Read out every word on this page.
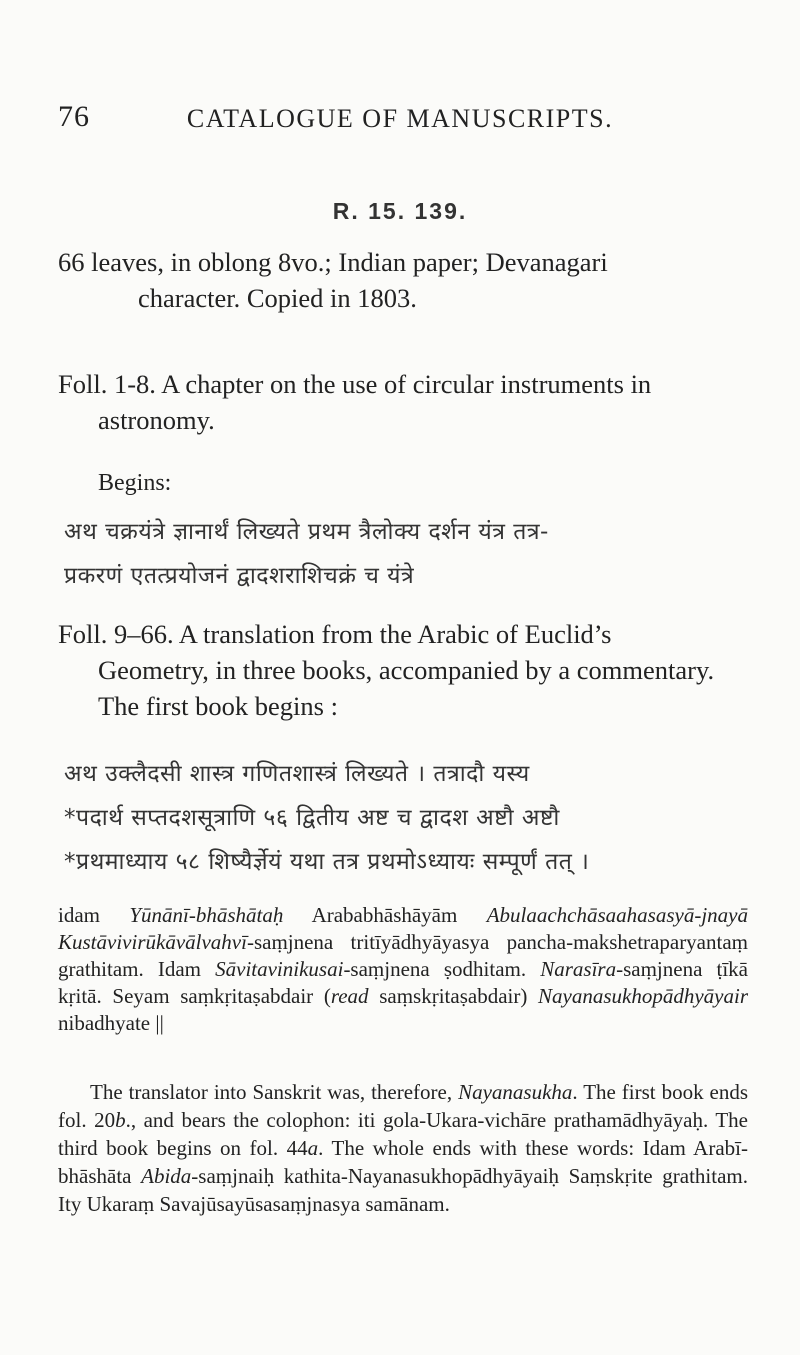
76	CATALOGUE OF MANUSCRIPTS.
R. 15. 139.
66 leaves, in oblong 8vo.; Indian paper; Devanagari
character. Copied in 1803.
Foll. 1-8. A chapter on the use of circular instruments in
astronomy.
Begins:
अथ चक्रयंत्रे ज्ञानार्थं लिख्यते प्रथम त्रैलोक्य दर्शन यंत्र तत्र-
प्रकरणं एतत्प्रयोजनं द्वादशराशिचक्रं च यंत्रे
Foll. 9–66. A translation from the Arabic of Euclid’s
Geometry, in three books, accompanied by a commentary.
The first book begins :
अथ उक्लैदसी शास्त्र गणितशास्त्रं लिख्यते । तत्रादौ यस्य
*पदार्थ सप्तदशसूत्राणि ५६ द्वितीय अष्ट च द्वादश अष्टौ अष्टौ
*प्रथमाध्याय ५८ शिष्यैर्ज्ञेयं यथा तत्र प्रथमोऽध्यायः सम्पूर्णं तत् ।
idam Yūnānī-bhāshātaḥ Arababhāshāyām Abulaachchāsaahasasyā-jnayā Kustāvivirūkāvālvahvī-saṃjnena tritīyādhyāyasya pancha-makshetraparyantaṃ grathitam. Idam Sāvitavinikusai-saṃjnena ṣodhitam. Narasīra-saṃjnena ṭīkā kṛitā. Seyam saṃkṛitaṣabdair (read saṃskṛitaṣabdair) Nayanasukhopādhyāyair nibadhyate ||
The translator into Sanskrit was, therefore, Nayanasukha. The first book ends fol. 20b., and bears the colophon: iti gola-Ukara-vichāre prathamādhyāyaḥ. The third book begins on fol. 44a. The whole ends with these words: Idam Arabī-bhāshāta Abida-saṃjnaiḥ kathita-Nayanasukhopādhyāyaiḥ Saṃskṛite grathitam. Ity Ukaraṃ Savajūsayūsasaṃjnasya samānam.
